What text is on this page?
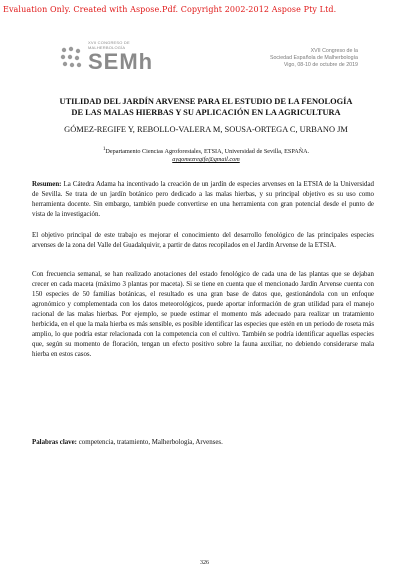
Evaluation Only. Created with Aspose.Pdf. Copyright 2002-2012 Aspose Pty Ltd.
XVII CONGRESO DE MALHERBOLOGÍA
SEMh	XVII Congreso de la
Sociedad Española de Malherbología
Vigo, 08-10 de octubre de 2019
UTILIDAD DEL JARDÍN ARVENSE PARA EL ESTUDIO DE LA FENOLOGÍA
DE LAS MALAS HIERBAS Y SU APLICACIÓN EN LA AGRICULTURA
GÓMEZ-REGIFE Y, REBOLLO-VALERA M, SOUSA-ORTEGA C, URBANO JM
$^1$Departamento Ciencias Agroforestales, ETSIA, Universidad de Sevilla, ESPAÑA.
aygomezregife@gmail.com
Resumen: La Cátedra Adama ha incentivado la creación de un jardín de especies arvenses en la ETSIA de la Universidad de Sevilla. Se trata de un jardín botánico pero dedicado a las malas hierbas, y su principal objetivo es su uso como herramienta docente. Sin embargo, también puede convertirse en una herramienta con gran potencial desde el punto de vista de la investigación.
El objetivo principal de este trabajo es mejorar el conocimiento del desarrollo fenológico de las principales especies arvenses de la zona del Valle del Guadalquivir, a partir de datos recopilados en el Jardín Arvense de la ETSIA.
Con frecuencia semanal, se han realizado anotaciones del estado fenológico de cada una de las plantas que se dejaban crecer en cada maceta (máximo 3 plantas por maceta). Si se tiene en cuenta que el mencionado Jardín Arvense cuenta con 150 especies de 50 familias botánicas, el resultado es una gran base de datos que, gestionándola con un enfoque agronómico y complementada con los datos meteorológicos, puede aportar información de gran utilidad para el manejo racional de las malas hierbas. Por ejemplo, se puede estimar el momento más adecuado para realizar un tratamiento herbicida, en el que la mala hierba es más sensible, es posible identificar las especies que estén en un periodo de roseta más amplio, lo que podría estar relacionada con la competencia con el cultivo. También se podría identificar aquellas especies que, según su momento de floración, tengan un efecto positivo sobre la fauna auxiliar, no debiendo considerarse mala hierba en estos casos.
Palabras clave: competencia, tratamiento, Malherbología, Arvenses.
326
